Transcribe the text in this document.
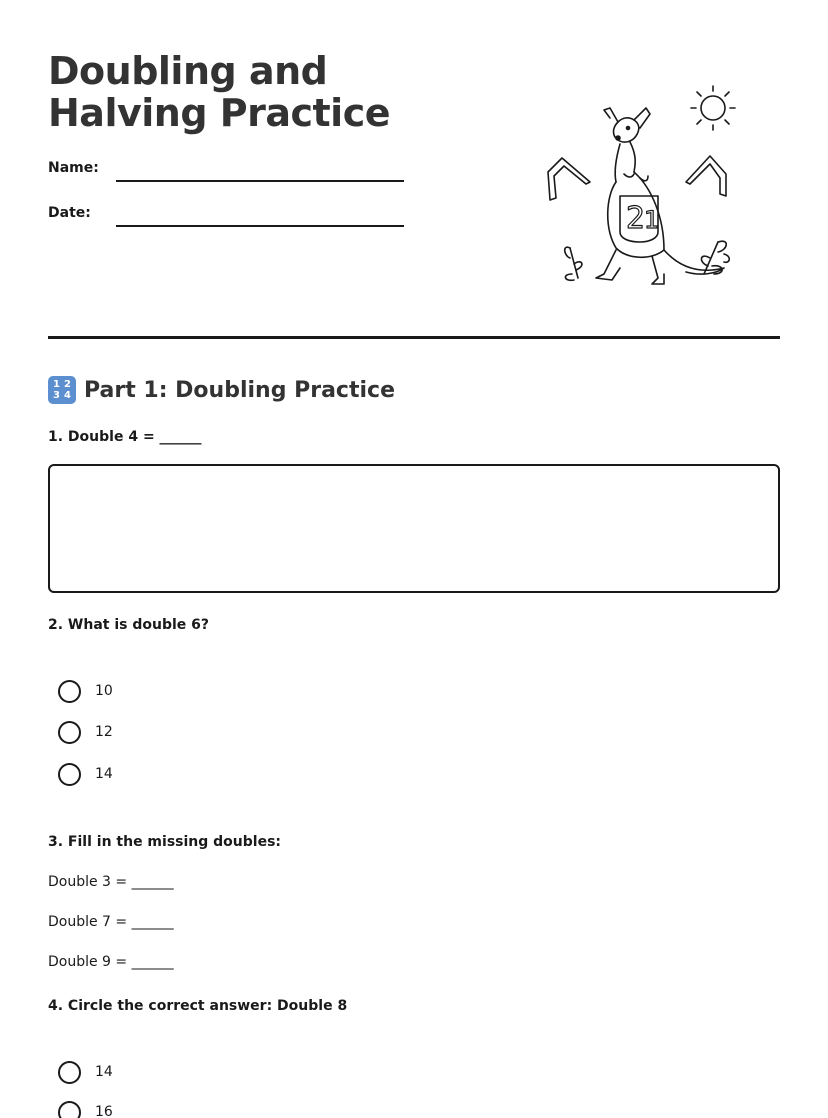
Doubling and Halving Practice
Name:
Date:	2
1
1 2
3 4 Part 1: Doubling Practice

1. Double 4 = ______

2. What is double 6?

10
12
14

3. Fill in the missing doubles:

Double 3 = ______

Double 7 = ______

Double 9 = ______

4. Circle the correct answer: Double 8

14
16
